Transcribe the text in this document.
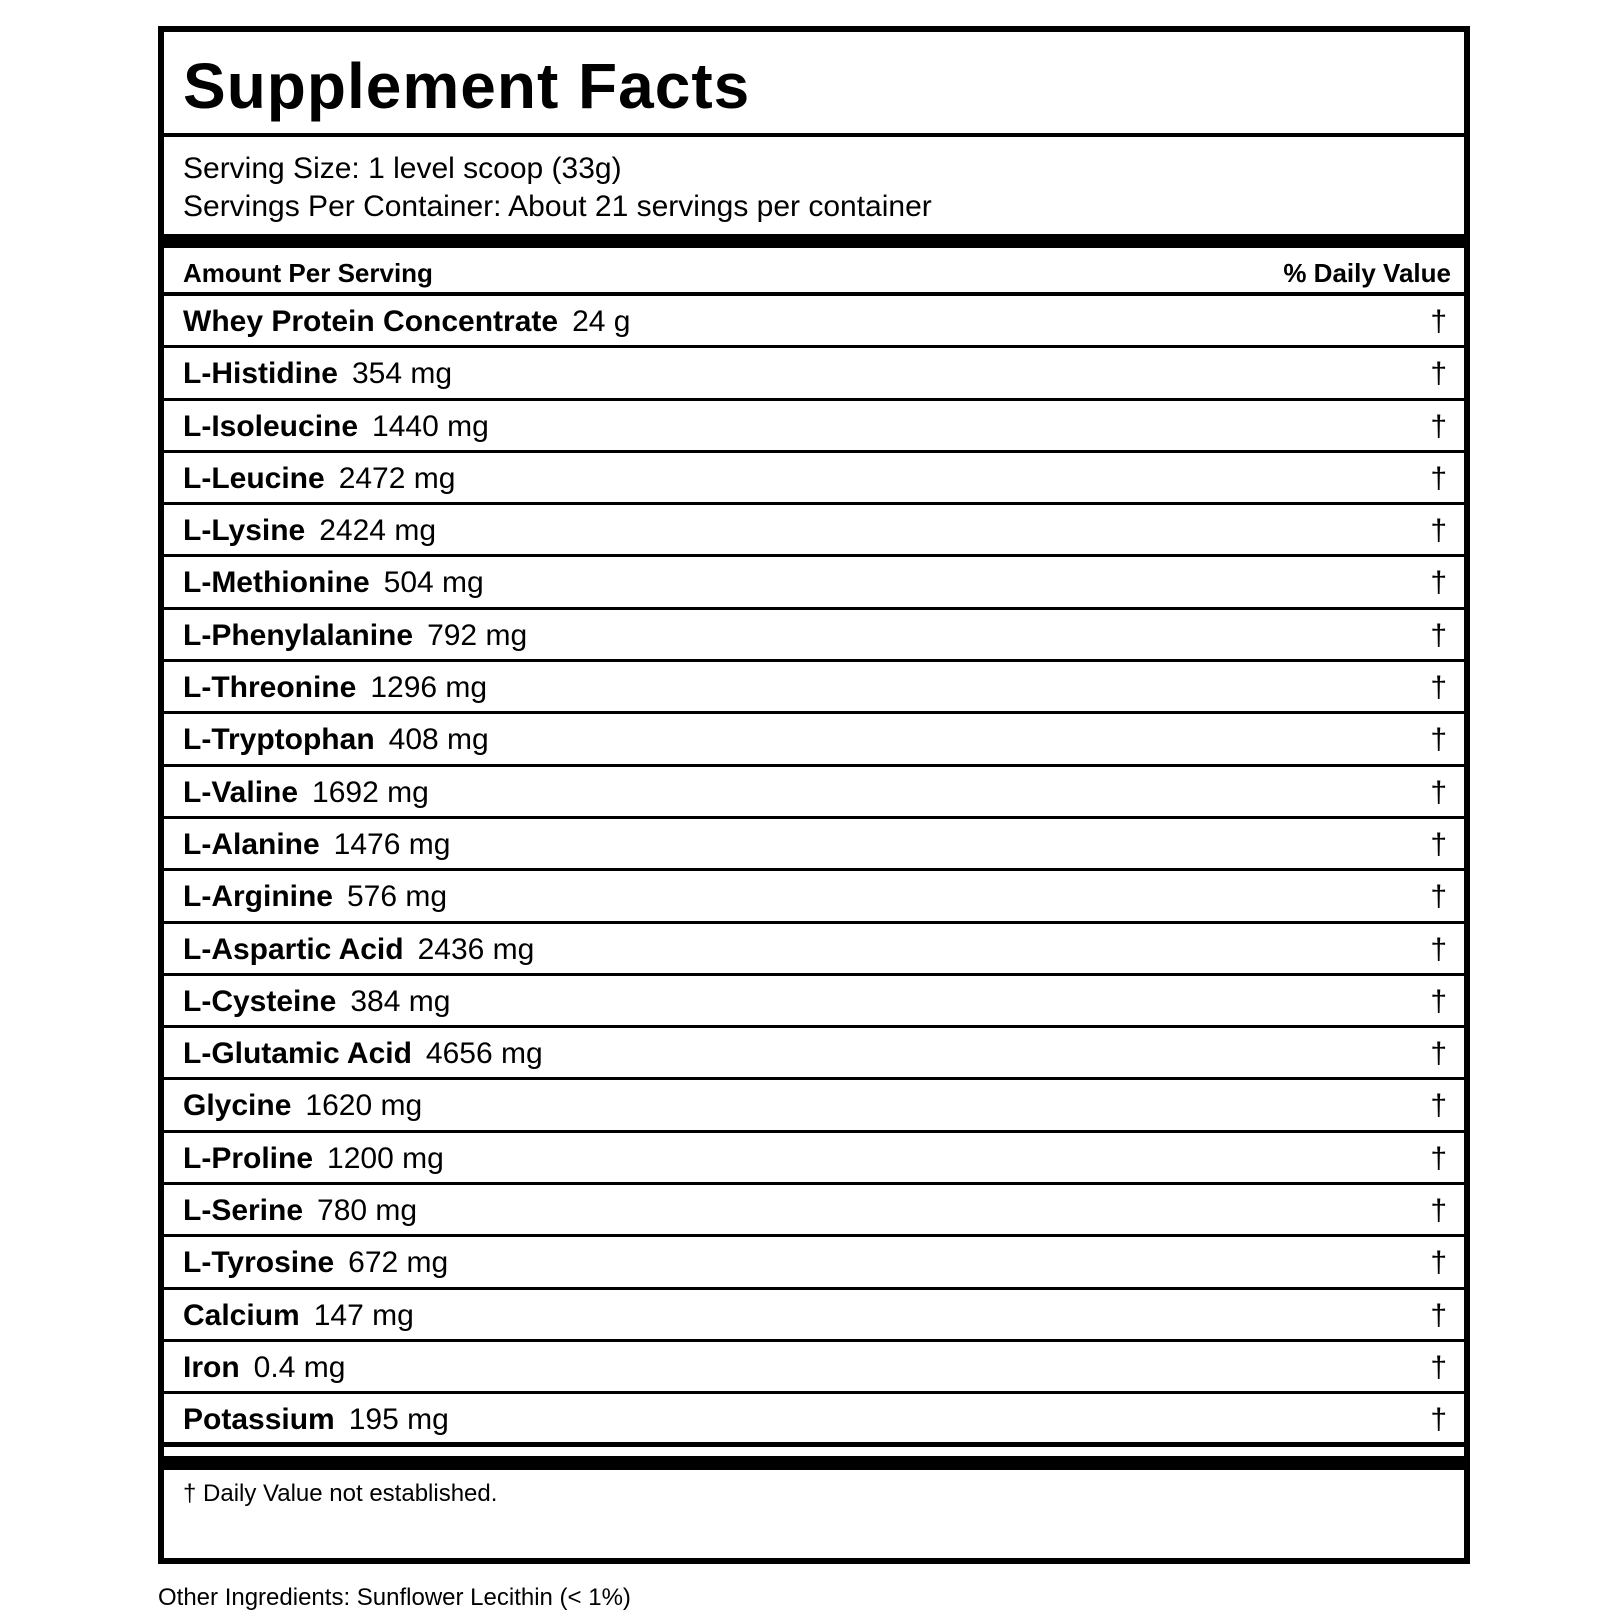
Supplement Facts
Serving Size: 1 level scoop (33g)
Servings Per Container: About 21 servings per container
Amount Per Serving	% Daily Value
Whey Protein Concentrate 24 g	†
L-Histidine 354 mg	†
L-Isoleucine 1440 mg	†
L-Leucine 2472 mg	†
L-Lysine 2424 mg	†
L-Methionine 504 mg	†
L-Phenylalanine 792 mg	†
L-Threonine 1296 mg	†
L-Tryptophan 408 mg	†
L-Valine 1692 mg	†
L-Alanine 1476 mg	†
L-Arginine 576 mg	†
L-Aspartic Acid 2436 mg	†
L-Cysteine 384 mg	†
L-Glutamic Acid 4656 mg	†
Glycine 1620 mg	†
L-Proline 1200 mg	†
L-Serine 780 mg	†
L-Tyrosine 672 mg	†
Calcium 147 mg	†
Iron 0.4 mg	†
Potassium 195 mg	†
† Daily Value not established.
Other Ingredients: Sunflower Lecithin (< 1%)
